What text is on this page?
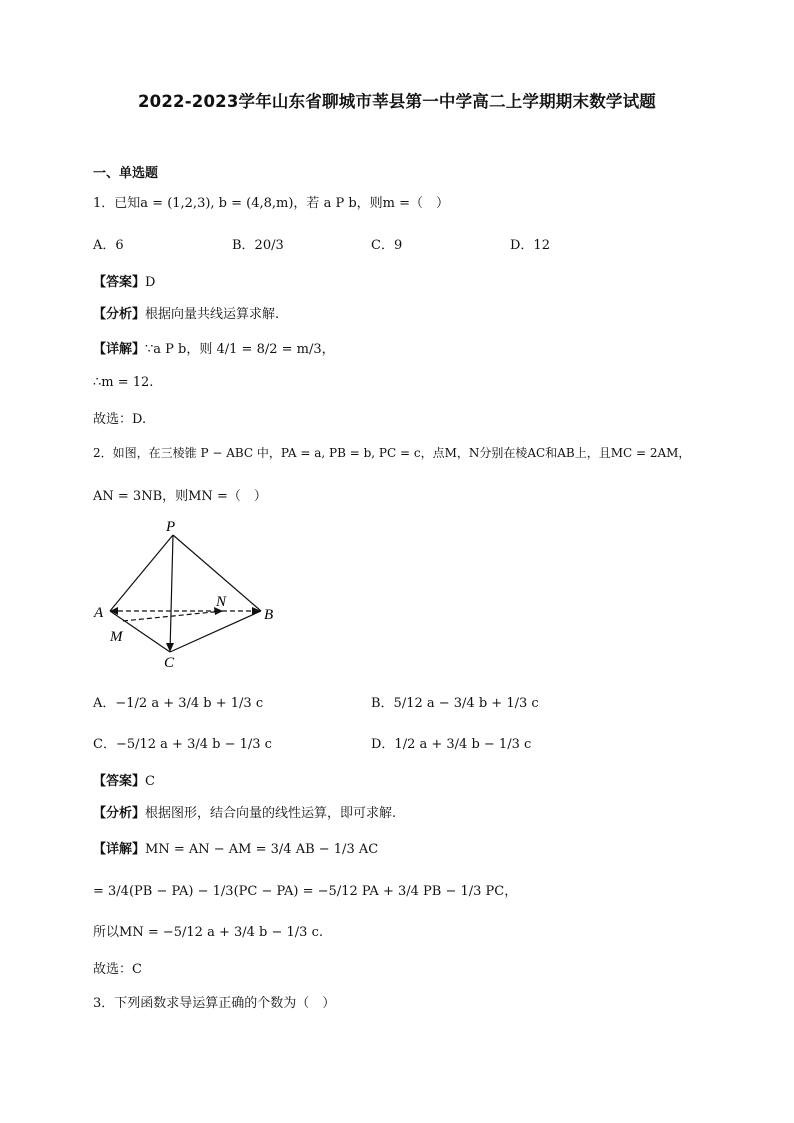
2022-2023学年山东省聊城市莘县第一中学高二上学期期末数学试题
一、单选题
1．已知a = (1,2,3), b = (4,8,m)，若 a P b，则m =（　）
A．6	B．20/3	C．9	D．12
【答案】D
【分析】根据向量共线运算求解.
【详解】∵a P b，则 4/1 = 8/2 = m/3，
∴m = 12.
故选：D.
2．如图，在三棱锥 P − ABC 中，PA = a, PB = b, PC = c，点M，N分别在棱AC和AB上，且MC = 2AM，
AN = 3NB，则MN =（　）
P
A
N
B
M
C
A．−1/2 a + 3/4 b + 1/3 c	B．5/12 a − 3/4 b + 1/3 c
C．−5/12 a + 3/4 b − 1/3 c	D．1/2 a + 3/4 b − 1/3 c
【答案】C
【分析】根据图形，结合向量的线性运算，即可求解.
【详解】MN = AN − AM = 3/4 AB − 1/3 AC
= 3/4(PB − PA) − 1/3(PC − PA) = −5/12 PA + 3/4 PB − 1/3 PC，
所以MN = −5/12 a + 3/4 b − 1/3 c.
故选：C
3．下列函数求导运算正确的个数为（　）
